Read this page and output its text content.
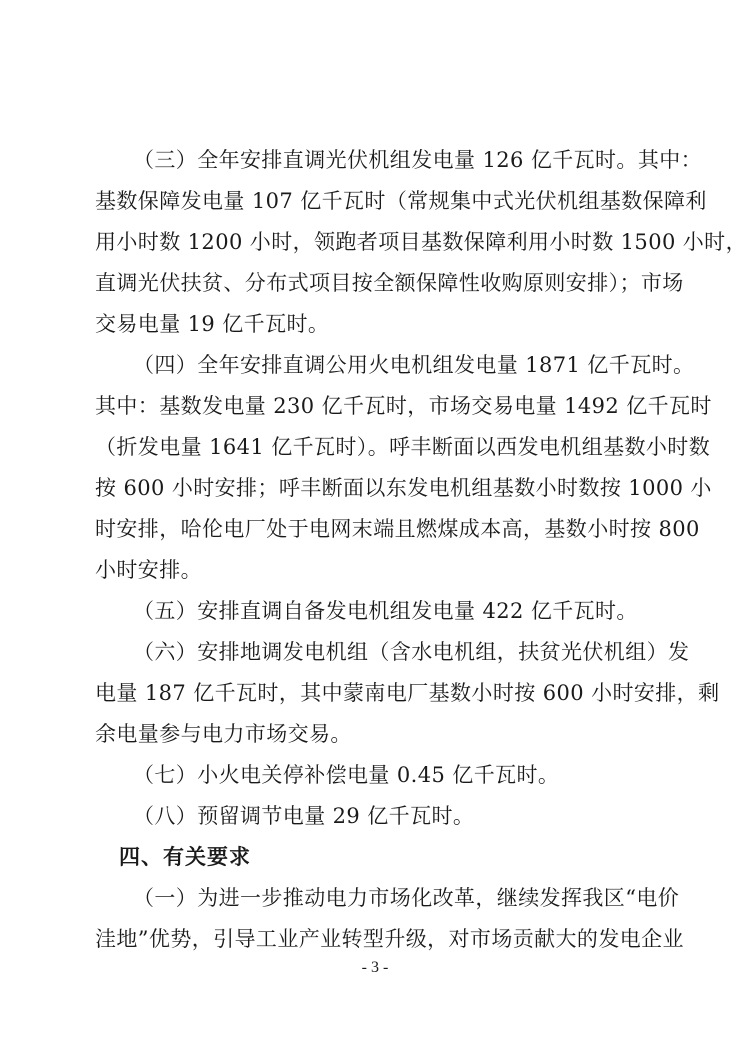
（三）全年安排直调光伏机组发电量 126 亿千瓦时。其中：
基数保障发电量 107 亿千瓦时（常规集中式光伏机组基数保障利
用小时数 1200 小时，领跑者项目基数保障利用小时数 1500 小时，
直调光伏扶贫、分布式项目按全额保障性收购原则安排）；市场
交易电量 19 亿千瓦时。
（四）全年安排直调公用火电机组发电量 1871 亿千瓦时。
其中：基数发电量 230 亿千瓦时，市场交易电量 1492 亿千瓦时
（折发电量 1641 亿千瓦时）。呼丰断面以西发电机组基数小时数
按 600 小时安排；呼丰断面以东发电机组基数小时数按 1000 小
时安排，哈伦电厂处于电网末端且燃煤成本高，基数小时按 800
小时安排。
（五）安排直调自备发电机组发电量 422 亿千瓦时。
（六）安排地调发电机组（含水电机组，扶贫光伏机组）发
电量 187 亿千瓦时，其中蒙南电厂基数小时按 600 小时安排，剩
余电量参与电力市场交易。
（七）小火电关停补偿电量 0.45 亿千瓦时。
（八）预留调节电量 29 亿千瓦时。
四、有关要求
（一）为进一步推动电力市场化改革，继续发挥我区“电价
洼地”优势，引导工业产业转型升级，对市场贡献大的发电企业
- 3 -
